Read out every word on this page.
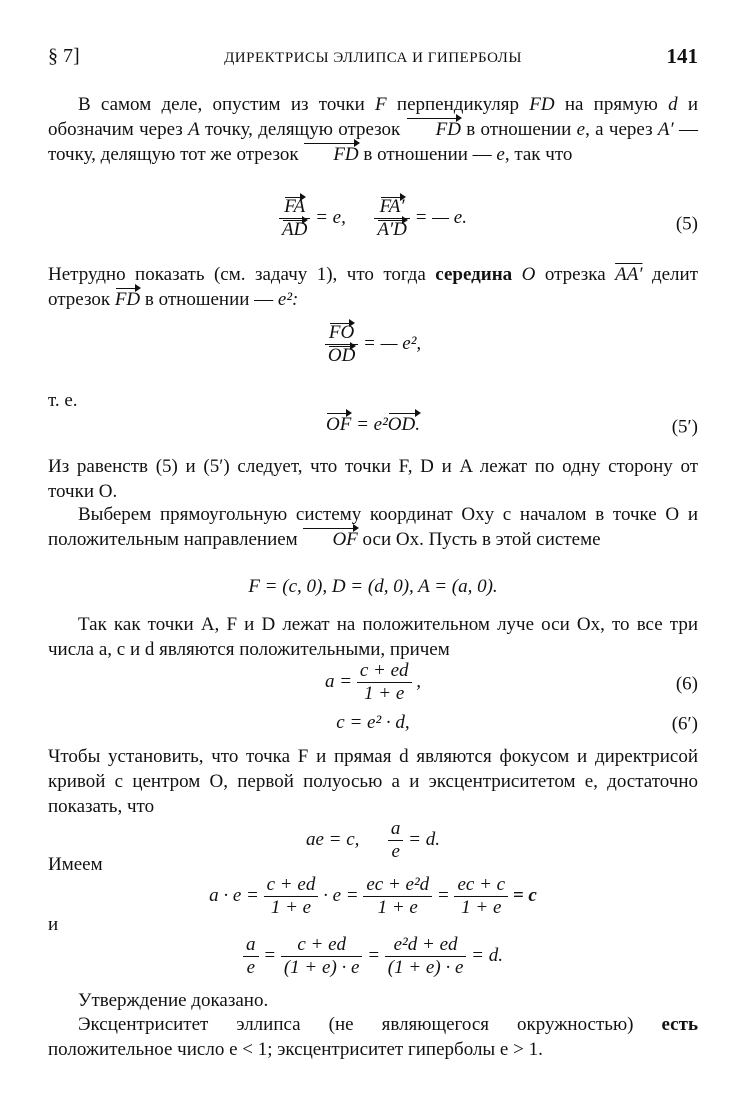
§ 7]	ДИРЕКТРИСЫ ЭЛЛИПСА И ГИПЕРБОЛЫ	141
В самом деле, опустим из точки F перпендикуляр FD на прямую d и обозначим через A точку, делящую отрезок FD в отношении e, а через A′ — точку, делящую тот же отрезок FD в отношении — e, так что
$\frac{FA}{AD} = e$, $\frac{FA'}{A'D}$ = — e.	(5)
Нетрудно показать (см. задачу 1), что тогда середина O отрезка AA′ делит отрезок FD в отношении — e²:
$\frac{FO}{OD}$ = — e²,
т. е.
OF = e²OD.	(5′)
Из равенств (5) и (5′) следует, что точки F, D и A лежат по одну сторону от точки O.
Выберем прямоугольную систему координат Oxy с началом в точке O и положительным направлением OF оси Ox. Пусть в этой системе
F = (c, 0), D = (d, 0), A = (a, 0).
Так как точки A, F и D лежат на положительном луче оси Ox, то все три числа a, c и d являются положительными, причем
$a = \frac{c + ed}{1 + e}$ ,	(6)
c = e² · d,	(6′)
Чтобы установить, что точка F и прямая d являются фокусом и директрисой кривой с центром O, первой полуосью a и эксцентриситетом e, достаточно показать, что
ae = c, $\frac{a}{e} = d$.
Имеем
$a \cdot e = \frac{c + ed}{1 + e} \cdot e = \frac{\text{ec + e²d}}{1 + e} = \frac{ec + c}{1 + e} = c$
и
$\frac{a}{e} = \frac{c + ed}{(1 + e) \cdot e} = \frac{\text{e²d + ed}}{(1 + e) \cdot e} = d$.
Утверждение доказано.
Эксцентриситет эллипса (не являющегося окружностью) есть положительное число e < 1; эксцентриситет гиперболы e > 1.
